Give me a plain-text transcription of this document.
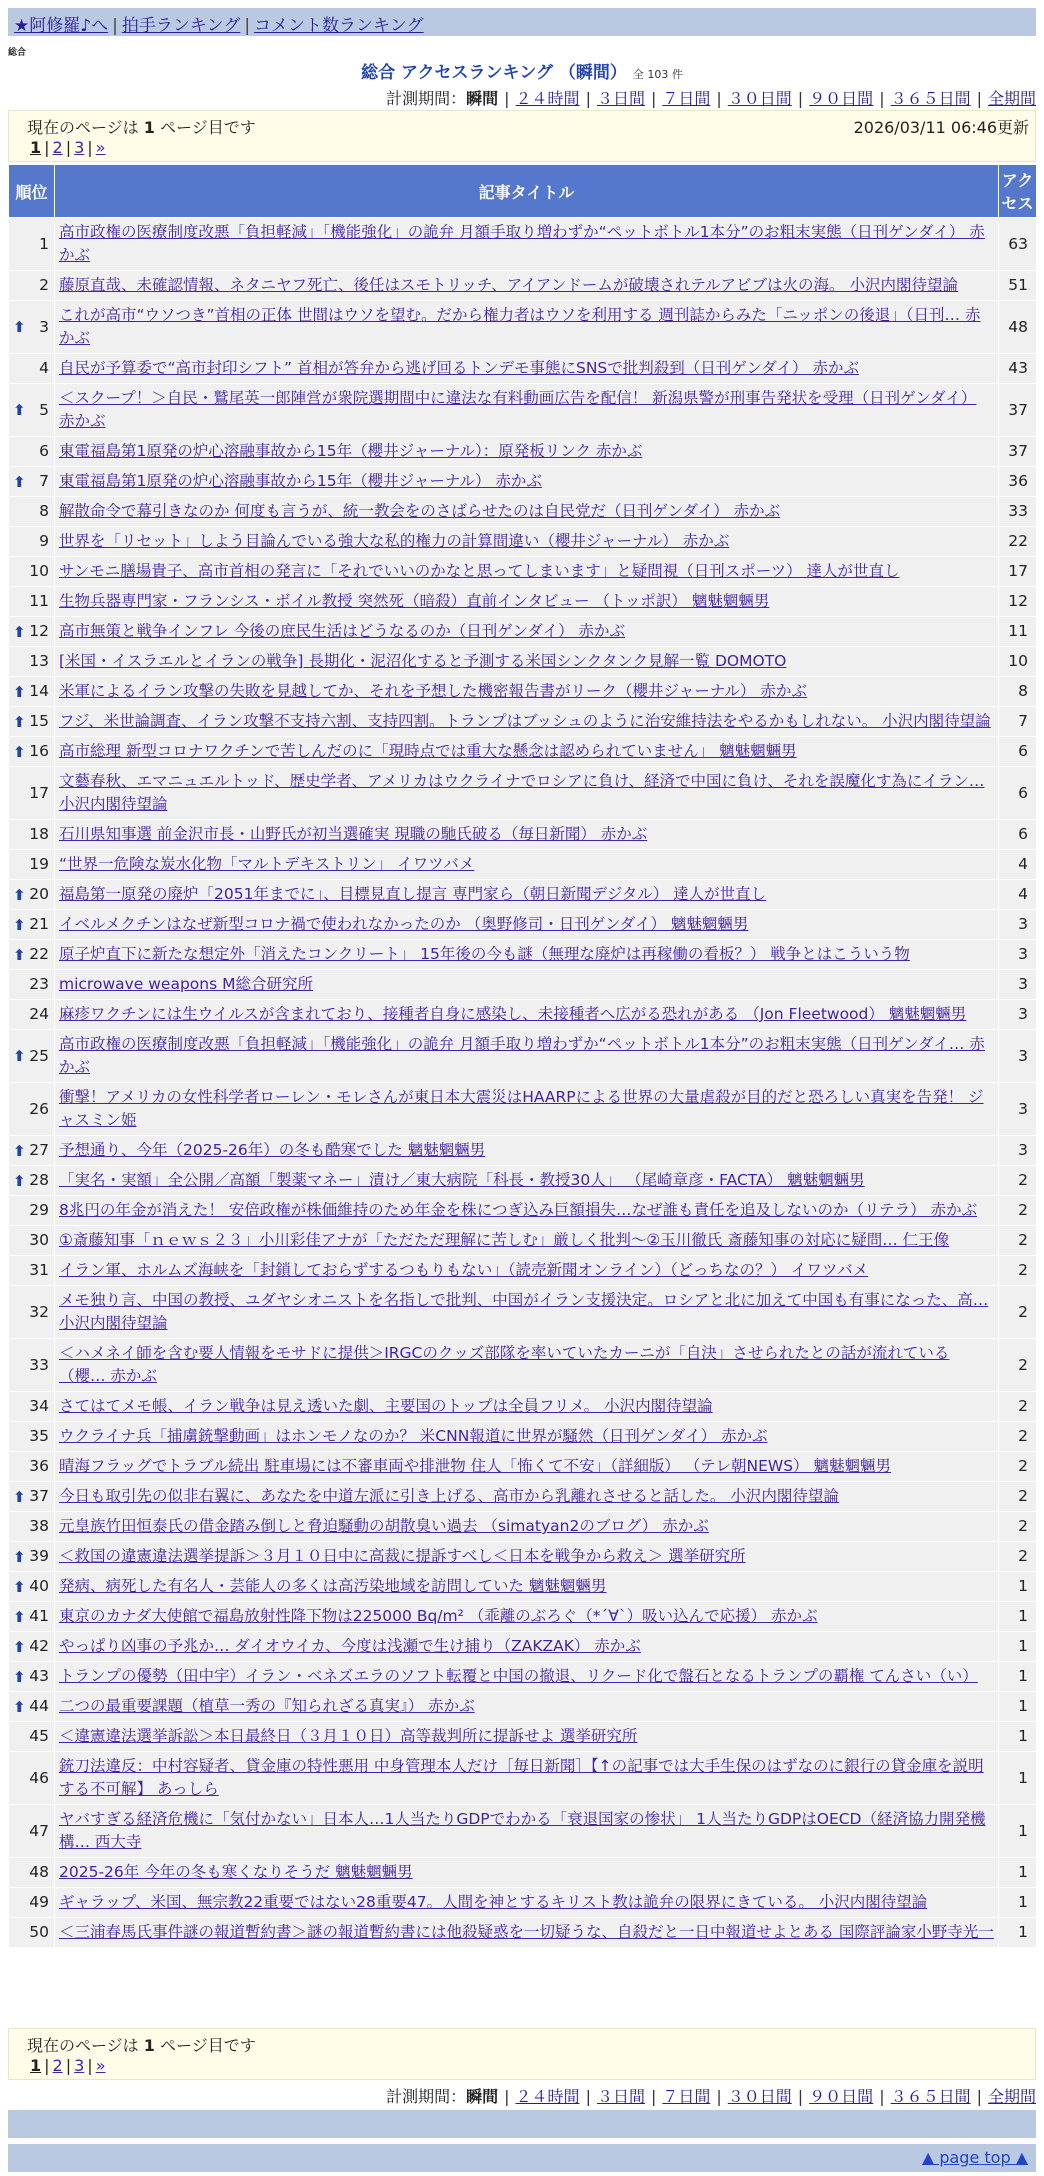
★阿修羅♪へ | 拍手ランキング | コメント数ランキング
総合
総合 アクセスランキング （瞬間） 全 103 件
計測期間：瞬間 | ２４時間 | ３日間 | ７日間 | ３０日間 | ９０日間 | ３６５日間 | 全期間
現在のページは 1 ページ目です	2026/03/11 06:46更新
1 | 2 | 3 | »
順位	記事タイトル	アクセス
1	高市政権の医療制度改悪「負担軽減」「機能強化」の詭弁 月額手取り増わずか“ペットボトル1本分”のお粗末実態（日刊ゲンダイ） 赤かぶ	63
2	藤原直哉、未確認情報、ネタニヤフ死亡、後任はスモトリッチ、アイアンドームが破壊されテルアビブは火の海。 小沢内閣待望論	51

⬆ 3	これが高市“ウソつき”首相の正体 世間はウソを望む。だから権力者はウソを利用する 週刊誌からみた「ニッポンの後退」（日刊… 赤かぶ	48
4	自民が予算委で“高市封印シフト” 首相が答弁から逃げ回るトンデモ事態にSNSで批判殺到（日刊ゲンダイ） 赤かぶ	43

⬆ 5	＜スクープ！＞自民・鷲尾英一郎陣営が衆院選期間中に違法な有料動画広告を配信！ 新潟県警が刑事告発状を受理（日刊ゲンダイ） 赤かぶ	37
6	東電福島第1原発の炉心溶融事故から15年（櫻井ジャーナル）：原発板リンク 赤かぶ	37

⬆ 7	東電福島第1原発の炉心溶融事故から15年（櫻井ジャーナル） 赤かぶ	36
8	解散命令で幕引きなのか 何度も言うが、統一教会をのさばらせたのは自民党だ（日刊ゲンダイ） 赤かぶ	33
9	世界を「リセット」しよう目論んでいる強大な私的権力の計算間違い（櫻井ジャーナル） 赤かぶ	22
10	サンモニ膳場貴子、高市首相の発言に「それでいいのかなと思ってしまいます」と疑問視（日刊スポーツ） 達人が世直し	17
11	生物兵器専門家・フランシス・ボイル教授 突然死（暗殺）直前インタビュー （トッポ訳） 魑魅魍魎男	12

⬆ 12	高市無策と戦争インフレ 今後の庶民生活はどうなるのか（日刊ゲンダイ） 赤かぶ	11
13	[米国・イスラエルとイランの戦争] 長期化・泥沼化すると予測する米国シンクタンク見解一覧 DOMOTO	10

⬆ 14	米軍によるイラン攻撃の失敗を見越してか、それを予想した機密報告書がリーク（櫻井ジャーナル） 赤かぶ	8

⬆ 15	フジ、米世論調査、イラン攻撃不支持六割、支持四割。トランプはブッシュのように治安維持法をやるかもしれない。 小沢内閣待望論	7

⬆ 16	高市総理 新型コロナワクチンで苦しんだのに「現時点では重大な懸念は認められていません」 魑魅魍魎男	6
17	文藝春秋、エマニュエルトッド、歴史学者、アメリカはウクライナでロシアに負け、経済で中国に負け、それを誤魔化す為にイラン… 小沢内閣待望論	6
18	石川県知事選 前金沢市長・山野氏が初当選確実 現職の馳氏破る（毎日新聞） 赤かぶ	6
19	“世界一危険な炭水化物「マルトデキストリン」 イワツバメ	4

⬆ 20	福島第一原発の廃炉「2051年までに」、目標見直し提言 専門家ら（朝日新聞デジタル） 達人が世直し	4

⬆ 21	イベルメクチンはなぜ新型コロナ禍で使われなかったのか （奥野修司・日刊ゲンダイ） 魑魅魍魎男	3

⬆ 22	原子炉直下に新たな想定外「消えたコンクリート」 15年後の今も謎（無理な廃炉は再稼働の看板？） 戦争とはこういう物	3
23	microwave weapons M総合研究所	3
24	麻疹ワクチンには生ウイルスが含まれており、接種者自身に感染し、未接種者へ広がる恐れがある （Jon Fleetwood） 魑魅魍魎男	3

⬆ 25	高市政権の医療制度改悪「負担軽減」「機能強化」の詭弁 月額手取り増わずか“ペットボトル1本分”のお粗末実態（日刊ゲンダイ… 赤かぶ	3
26	衝撃！アメリカの女性科学者ローレン・モレさんが東日本大震災はHAARPによる世界の大量虐殺が目的だと恐ろしい真実を告発！ ジャスミン姫	3

⬆ 27	予想通り、今年（2025-26年）の冬も酷寒でした 魑魅魍魎男	3

⬆ 28	「実名・実額」全公開／高額「製薬マネー」漬け／東大病院「科長・教授30人」 （尾崎章彦・FACTA） 魑魅魍魎男	2
29	8兆円の年金が消えた！ 安倍政権が株価維持のため年金を株につぎ込み巨額損失…なぜ誰も責任を追及しないのか（リテラ） 赤かぶ	2
30	①斎藤知事「ｎｅｗｓ２３」小川彩佳アナが「ただただ理解に苦しむ」厳しく批判〜②玉川徹氏 斎藤知事の対応に疑問… 仁王像	2
31	イラン軍、ホルムズ海峡を「封鎖しておらずするつもりもない」（読売新聞オンライン）（どっちなの？） イワツバメ	2
32	メモ独り言、中国の教授、ユダヤシオニストを名指しで批判、中国がイラン支援決定。ロシアと北に加えて中国も有事になった、高… 小沢内閣待望論	2
33	＜ハメネイ師を含む要人情報をモサドに提供＞IRGCのクッズ部隊を率いていたカーニが「自決」させられたとの話が流れている（櫻… 赤かぶ	2
34	さてはてメモ帳、イラン戦争は見え透いた劇、主要国のトップは全員フリメ。 小沢内閣待望論	2
35	ウクライナ兵「捕虜銃撃動画」はホンモノなのか？ 米CNN報道に世界が騒然（日刊ゲンダイ） 赤かぶ	2
36	晴海フラッグでトラブル続出 駐車場には不審車両や排泄物 住人「怖くて不安」（詳細版） （テレ朝NEWS） 魑魅魍魎男	2

⬆ 37	今日も取引先の似非右翼に、あなたを中道左派に引き上げる、高市から乳離れさせると話した。 小沢内閣待望論	2
38	元皇族竹田恒泰氏の借金踏み倒しと脅迫騒動の胡散臭い過去 （simatyan2のブログ） 赤かぶ	2

⬆ 39	＜救国の違憲違法選挙提訴＞３月１０日中に高裁に提訴すべし＜日本を戦争から救え＞ 選挙研究所	2

⬆ 40	発病、病死した有名人・芸能人の多くは高汚染地域を訪問していた 魑魅魍魎男	1

⬆ 41	東京のカナダ大使館で福島放射性降下物は225000 Bq/m² （乖離のぶろぐ（*´∀`）吸い込んで応援） 赤かぶ	1

⬆ 42	やっぱり凶事の予兆か… ダイオウイカ、今度は浅瀬で生け捕り（ZAKZAK） 赤かぶ	1

⬆ 43	トランプの優勢（田中宇）イラン・ベネズエラのソフト転覆と中国の撤退、リクード化で盤石となるトランプの覇権 てんさい（い）	1

⬆ 44	二つの最重要課題（植草一秀の『知られざる真実』） 赤かぶ	1
45	＜違憲違法選挙訴訟＞本日最終日（３月１０日）高等裁判所に提訴せよ 選挙研究所	1
46	銃刀法違反：中村容疑者、貸金庫の特性悪用 中身管理本人だけ［毎日新聞］【↑の記事では大手生保のはずなのに銀行の貸金庫を説明する不可解】 あっしら	1
47	ヤバすぎる経済危機に「気付かない」日本人…1人当たりGDPでわかる「衰退国家の惨状」 1人当たりGDPはOECD（経済協力開発機構… 西大寺	1
48	2025-26年 今年の冬も寒くなりそうだ 魑魅魍魎男	1
49	ギャラップ、米国、無宗教22重要ではない28重要47。人間を神とするキリスト教は詭弁の限界にきている。 小沢内閣待望論	1
50	＜三浦春馬氏事件謎の報道暫約書＞謎の報道暫約書には他殺疑惑を一切疑うな、自殺だと一日中報道せよとある 国際評論家小野寺光一	1
現在のページは 1 ページ目です
1 | 2 | 3 | »
計測期間：瞬間 | ２４時間 | ３日間 | ７日間 | ３０日間 | ９０日間 | ３６５日間 | 全期間
▲ page top ▲
